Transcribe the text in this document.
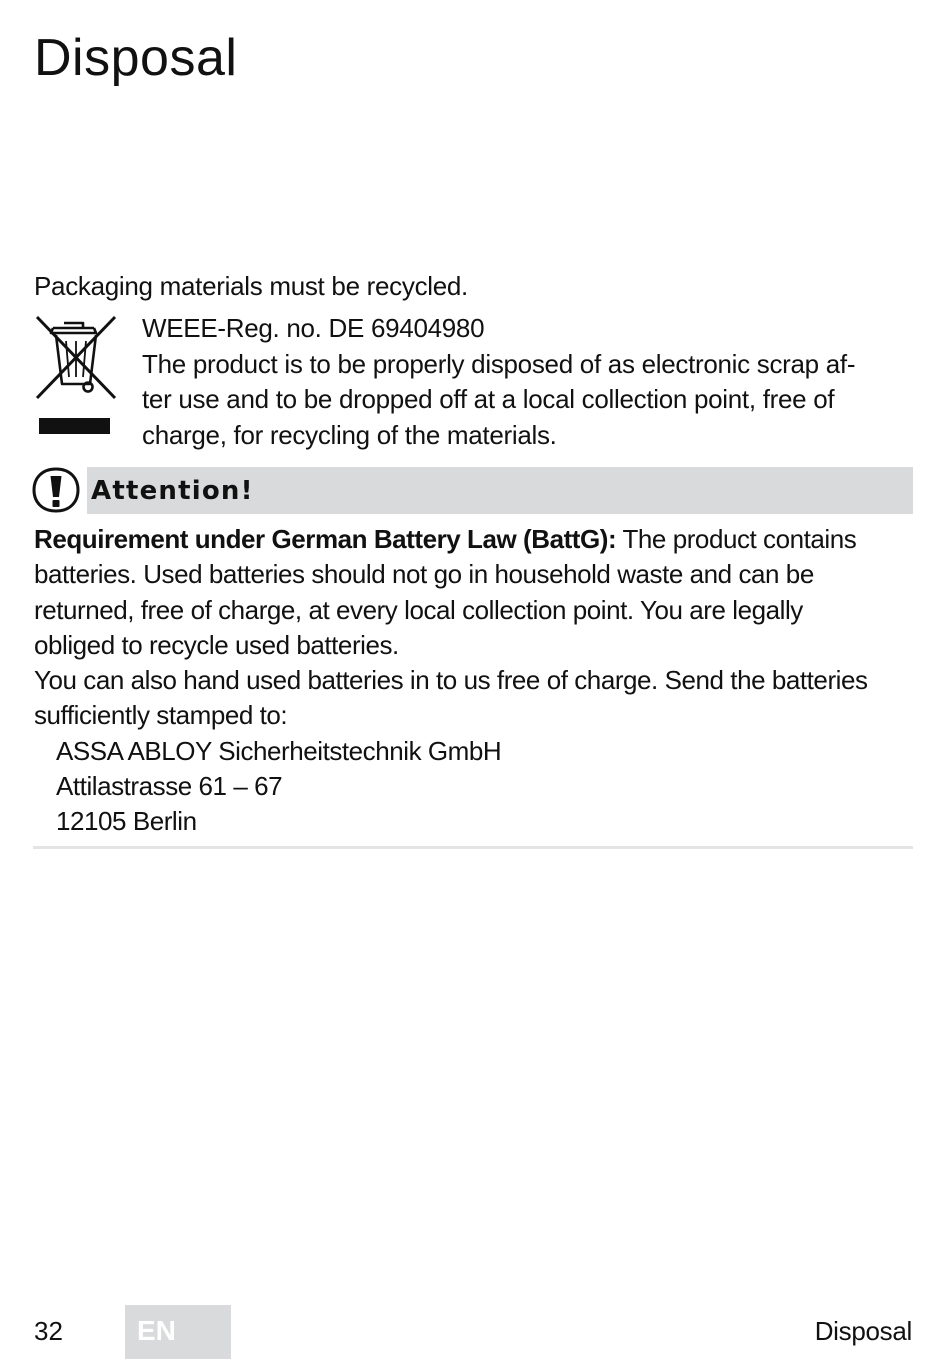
Disposal
Packaging materials must be recycled.
WEEE-Reg. no. DE 69404980
The product is to be properly disposed of as electronic scrap af-
ter use and to be dropped off at a local collection point, free of
charge, for recycling of the materials.
Attention!
Requirement under German Battery Law (BattG): The product contains
batteries. Used batteries should not go in household waste and can be
returned, free of charge, at every local collection point. You are legally
obliged to recycle used batteries.
You can also hand used batteries in to us free of charge. Send the batteries
sufficiently stamped to:
ASSA ABLOY Sicherheitstechnik GmbH
Attilastrasse 61 – 67
12105 Berlin
32	EN	Disposal
